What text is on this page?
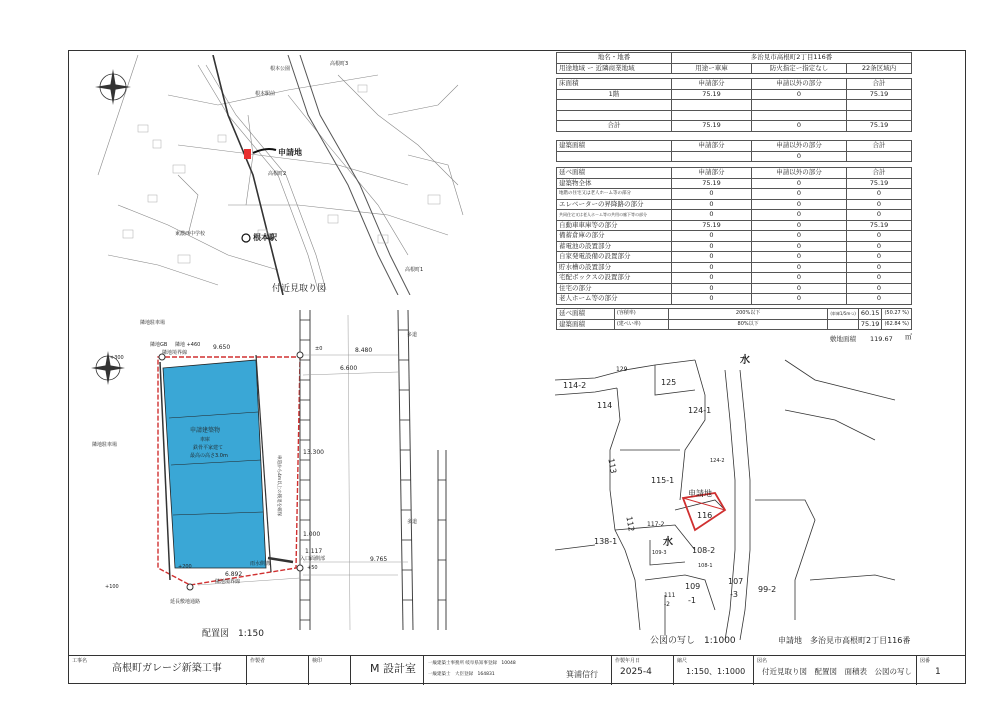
申請地
根本駅
高根町3
根本公園
高根町2
高根町1
東濃西中学校
根本駅前
付近見取り図
隣地駐車場
隣地境界線
隣地GB 隣地 +460
±0
+300
+100
+200	+50
隣地駐車場
多道
多道
延長敷地通路
隣地境界線
雨水側溝
入口面側部
車道から4m以上の後退を確保
申請建築物
車庫
鉄骨平家建て
最高の高さ3.0m
9.650	8.480
6.600
9.765
6.892
13.300
1.000
1.117
配置図　1:150
地名・地番	多治見市高根町2丁目116番		
用途地域 ー 近隣商業地域	用途ー車庫	防火指定ー指定なし	22条区域内
床面積	申請部分	申請以外の部分	合計
1階	75.19	0	75.19

合計	75.19	0	75.19
建築面積	申請部分	申請以外の部分	合計
		0	
延べ面積	申請部分	申請以外の部分	合計
建築物全体	75.19	0	75.19
地階の住宅又は老人ホーム等の部分	0	0	0
エレベーターの昇降路の部分	0	0	0
共同住宅又は老人ホーム等の共用の廊下等の部分	0	0	0
自動車車庫等の部分	75.19	0	75.19
備蓄倉庫の部分	0	0	0
蓄電池の設置部分	0	0	0
自家発電設備の設置部分	0	0	0
貯水槽の設置部分	0	0	0
宅配ボックスの設置部分	0	0	0
住宅の部分	0	0	0
老人ホーム等の部分	0	0	0
延べ面積	(容積率)	200%以下	(車庫1/5mつ)	60.15	(50.27 %)
建築面積	(建ぺい率)	80%以下		75.19	(62.84 %)
敷地面積 119.67 ㎡
水
水
申請地
114-2
129
125
114
124-1
113
115-1
124-2
116
117-2
112
138-1
108-2
109-3
108-1
109
-1
111
-2
107
-3
99-2
公図の写し　1:1000	申請地　多治見市高根町2丁目116番
工事名
高根町ガレージ新築工事
作製者	検印
M 設計室	一級建築士事務所 岐阜県知事登録　10048
一級建築士　大臣登録　164831	箕浦信行
作製年月日
2025-4
縮尺
1:150、1:1000
図名
付近見取り図　配置図　面積表　公図の写し
図番
1
